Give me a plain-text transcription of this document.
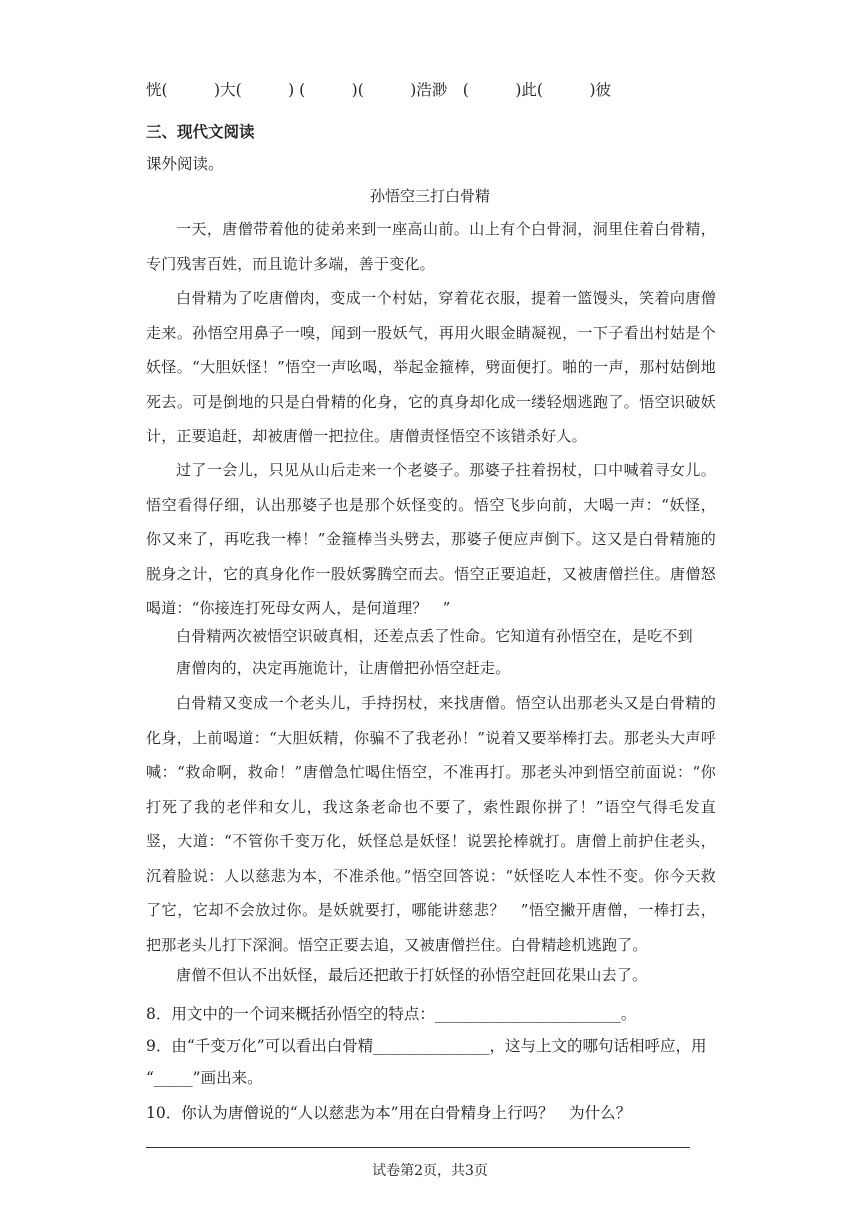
恍(　　　)大(　　　) (　　　)(　　　)浩渺　(　　　)此(　　　)彼
三、现代文阅读
课外阅读。
孙悟空三打白骨精
一天，唐僧带着他的徒弟来到一座高山前。山上有个白骨洞，洞里住着白骨精，专门残害百姓，而且诡计多端，善于变化。
白骨精为了吃唐僧肉，变成一个村姑，穿着花衣服，提着一篮馒头，笑着向唐僧走来。孙悟空用鼻子一嗅，闻到一股妖气，再用火眼金睛凝视，一下子看出村姑是个妖怪。“大胆妖怪！”悟空一声吆喝，举起金箍棒，劈面便打。啪的一声，那村姑倒地死去。可是倒地的只是白骨精的化身，它的真身却化成一缕轻烟逃跑了。悟空识破妖计，正要追赶，却被唐僧一把拉住。唐僧责怪悟空不该错杀好人。
过了一会儿，只见从山后走来一个老婆子。那婆子拄着拐杖，口中喊着寻女儿。悟空看得仔细，认出那婆子也是那个妖怪变的。悟空飞步向前，大喝一声：“妖怪，你又来了，再吃我一棒！”金箍棒当头劈去，那婆子便应声倒下。这又是白骨精施的脱身之计，它的真身化作一股妖雾腾空而去。悟空正要追赶，又被唐僧拦住。唐僧怒喝道：“你接连打死母女两人，是何道理？　”
白骨精两次被悟空识破真相，还差点丢了性命。它知道有孙悟空在，是吃不到
唐僧肉的，决定再施诡计，让唐僧把孙悟空赶走。
白骨精又变成一个老头儿，手持拐杖，来找唐僧。悟空认出那老头又是白骨精的化身，上前喝道：“大胆妖精，你骗不了我老孙！”说着又要举棒打去。那老头大声呼喊：“救命啊，救命！”唐僧急忙喝住悟空，不准再打。那老头冲到悟空前面说：“你打死了我的老伴和女儿，我这条老命也不要了，索性跟你拼了！”语空气得毛发直竖，大道：“不管你千变万化，妖怪总是妖怪！说罢抡棒就打。唐僧上前护住老头，沉着脸说：人以慈悲为本，不准杀他。”悟空回答说：“妖怪吃人本性不变。你今天救了它，它却不会放过你。是妖就要打，哪能讲慈悲？　”悟空撇开唐僧，一棒打去，把那老头儿打下深涧。悟空正要去追，又被唐僧拦住。白骨精趁机逃跑了。
唐僧不但认不出妖怪，最后还把敢于打妖怪的孙悟空赶回花果山去了。
8．用文中的一个词来概括孙悟空的特点：________________________。
9．由“千变万化”可以看出白骨精_______________，这与上文的哪句话相呼应，用
“_____”画出来。
10．你认为唐僧说的“人以慈悲为本”用在白骨精身上行吗？　为什么？
试卷第2页，共3页
